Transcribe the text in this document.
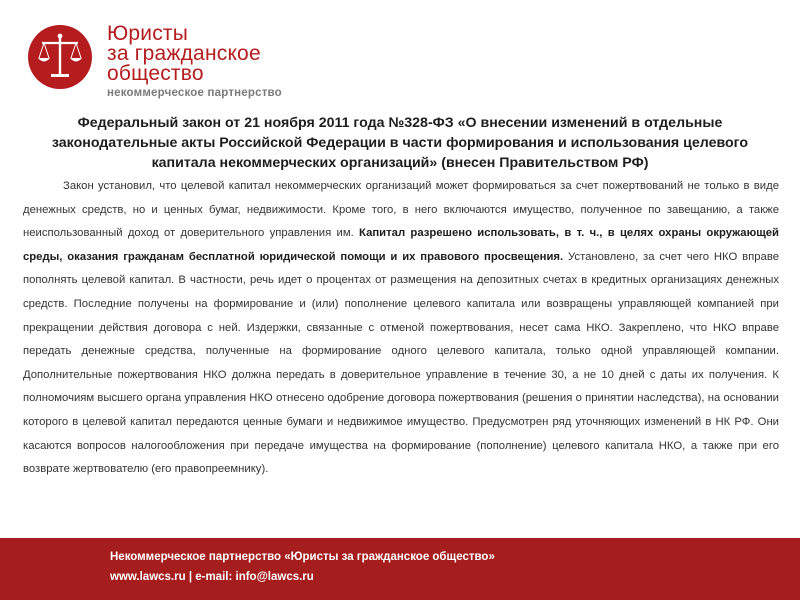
Юристы
за гражданское
общество
некоммерческое партнерство
Федеральный закон от 21 ноября 2011 года №328-ФЗ «О внесении изменений в отдельные законодательные акты Российской Федерации в части формирования и использования целевого капитала некоммерческих организаций» (внесен Правительством РФ)

Закон установил, что целевой капитал некоммерческих организаций может формироваться за счет пожертвований не только в виде денежных средств, но и ценных бумаг, недвижимости. Кроме того, в него включаются имущество, полученное по завещанию, а также неиспользованный доход от доверительного управления им. Капитал разрешено использовать, в т. ч., в целях охраны окружающей среды, оказания гражданам бесплатной юридической помощи и их правового просвещения. Установлено, за счет чего НКО вправе пополнять целевой капитал. В частности, речь идет о процентах от размещения на депозитных счетах в кредитных организациях денежных средств. Последние получены на формирование и (или) пополнение целевого капитала или возвращены управляющей компанией при прекращении действия договора с ней. Издержки, связанные с отменой пожертвования, несет сама НКО. Закреплено, что НКО вправе передать денежные средства, полученные на формирование одного целевого капитала, только одной управляющей компании. Дополнительные пожертвования НКО должна передать в доверительное управление в течение 30, а не 10 дней с даты их получения. К полномочиям высшего органа управления НКО отнесено одобрение договора пожертвования (решения о принятии наследства), на основании которого в целевой капитал передаются ценные бумаги и недвижимое имущество. Предусмотрен ряд уточняющих изменений в НК РФ. Они касаются вопросов налогообложения при передаче имущества на формирование (пополнение) целевого капитала НКО, а также при его возврате жертвователю (его правопреемнику).

Некоммерческое партнерство «Юристы за гражданское общество»
www.lawcs.ru | e-mail: info@lawcs.ru
